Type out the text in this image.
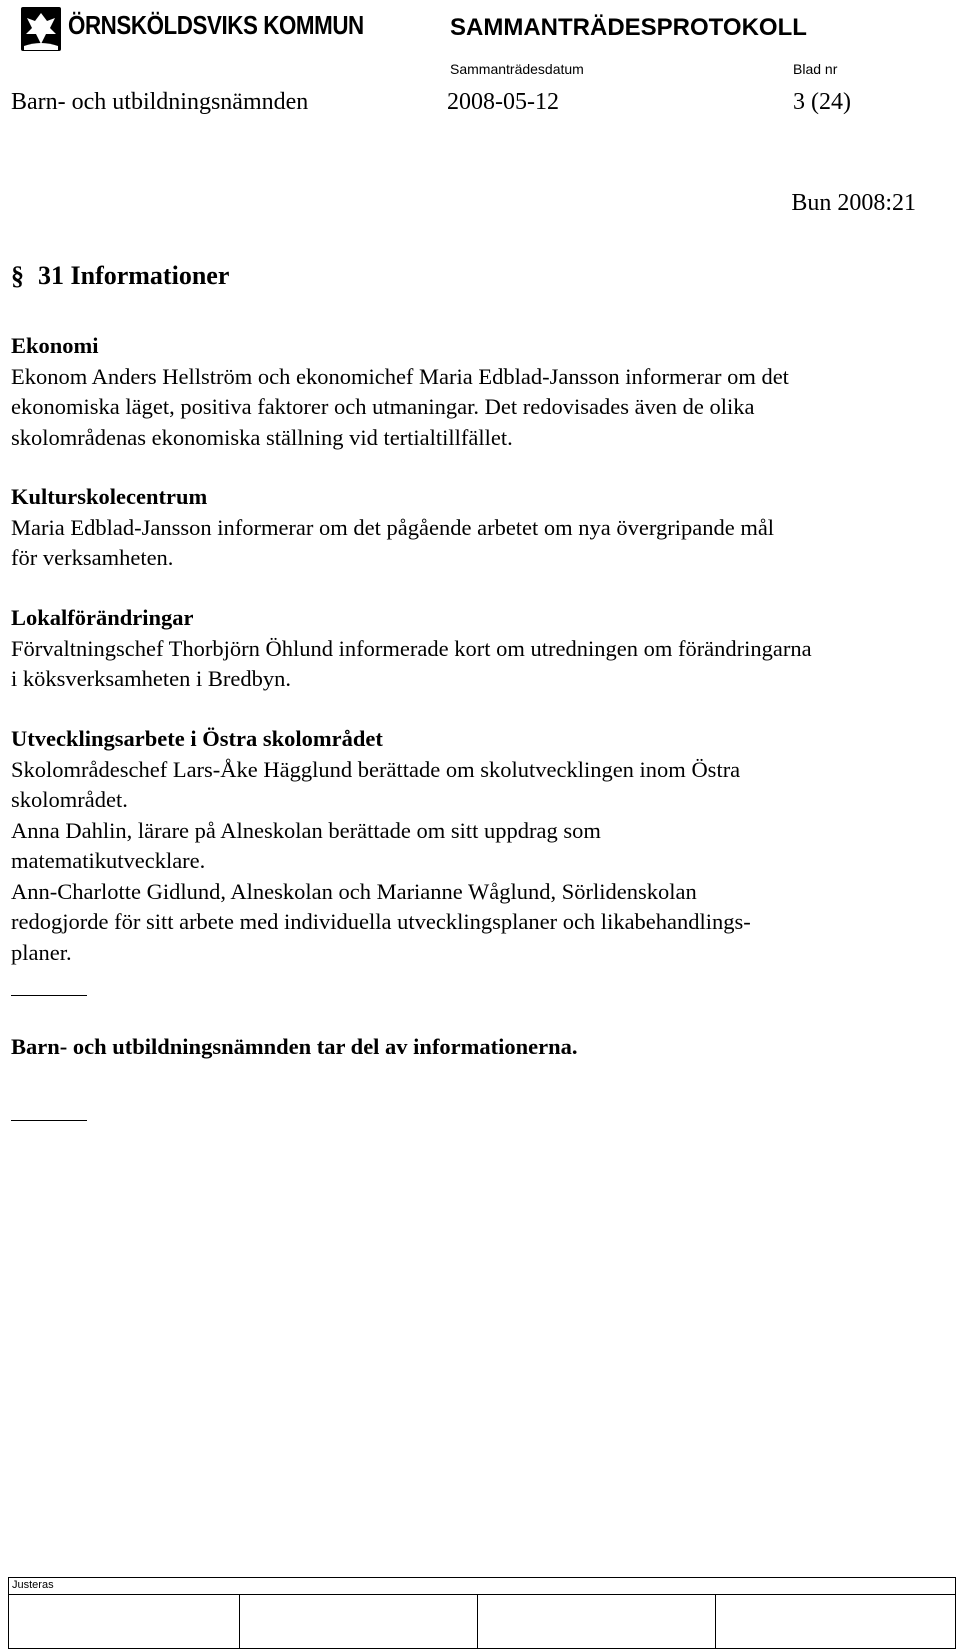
ÖRNSKÖLDSVIKS KOMMUN	SAMMANTRÄDESPROTOKOLL
Sammanträdesdatum	Blad nr
Barn- och utbildningsnämnden	2008-05-12	3 (24)
Bun 2008:21
§ 31 Informationer

Ekonomi

Ekonom Anders Hellström och ekonomichef Maria Edblad-Jansson informerar om det

ekonomiska läget, positiva faktorer och utmaningar. Det redovisades även de olika

skolområdenas ekonomiska ställning vid tertialtillfället.

Kulturskolecentrum

Maria Edblad-Jansson informerar om det pågående arbetet om nya övergripande mål

för verksamheten.

Lokalförändringar

Förvaltningschef Thorbjörn Öhlund informerade kort om utredningen om förändringarna

i köksverksamheten i Bredbyn.

Utvecklingsarbete i Östra skolområdet

Skolområdeschef Lars-Åke Hägglund berättade om skolutvecklingen inom Östra

skolområdet.

Anna Dahlin, lärare på Alneskolan berättade om sitt uppdrag som

matematikutvecklare.

Ann-Charlotte Gidlund, Alneskolan och Marianne Wåglund, Sörlidenskolan

redogjorde för sitt arbete med individuella utvecklingsplaner och likabehandlings-

planer.

Barn- och utbildningsnämnden tar del av informationerna.
Justeras
